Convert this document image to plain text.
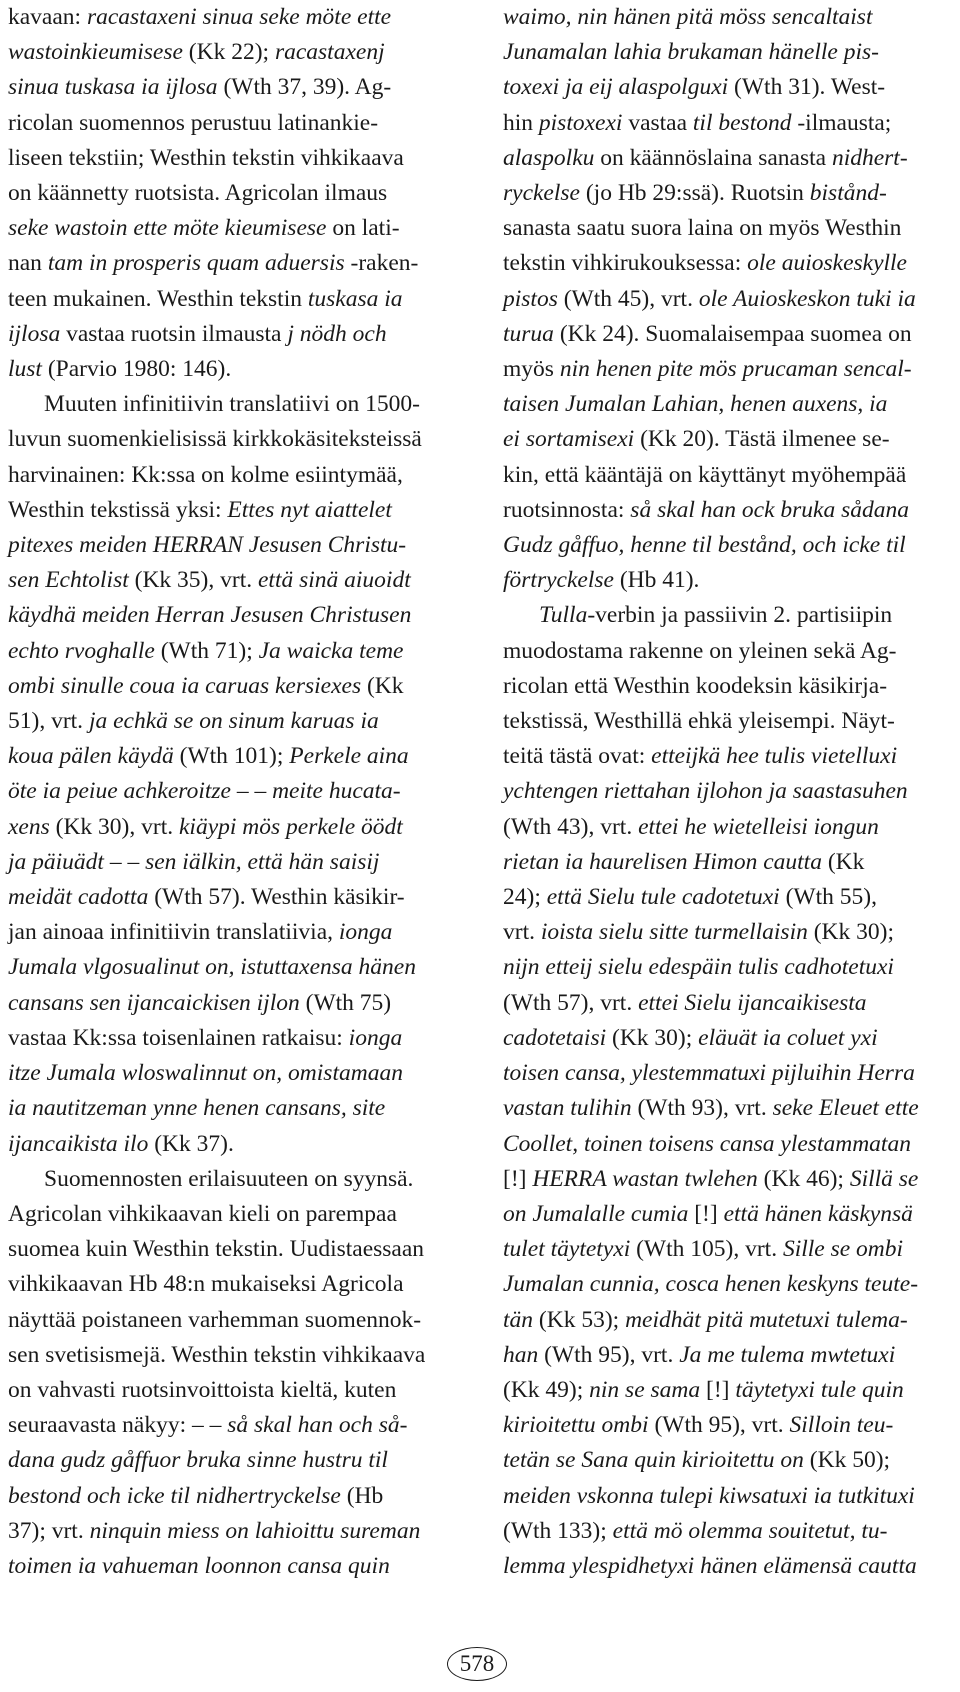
kavaan: racastaxeni sinua seke möte ette
wastoinkieumisese (Kk 22); racastaxenj
sinua tuskasa ia ijlosa (Wth 37, 39). Ag-
ricolan suomennos perustuu latinankie-
liseen tekstiin; Westhin tekstin vihkikaava
on käännetty ruotsista. Agricolan ilmaus
seke wastoin ette möte kieumisese on lati-
nan tam in prosperis quam aduersis -raken-
teen mukainen. Westhin tekstin tuskasa ia
ijlosa vastaa ruotsin ilmausta j nödh och
lust (Parvio 1980: 146).
Muuten infinitiivin translatiivi on 1500-
luvun suomenkielisissä kirkkokäsiteksteissä
harvinainen: Kk:ssa on kolme esiintymää,
Westhin tekstissä yksi: Ettes nyt aiattelet
pitexes meiden HERRAN Jesusen Christu-
sen Echtolist (Kk 35), vrt. että sinä aiuoidt
käydhä meiden Herran Jesusen Christusen
echto rvoghalle (Wth 71); Ja waicka teme
ombi sinulle coua ia caruas kersiexes (Kk
51), vrt. ja echkä se on sinum karuas ia
koua pälen käydä (Wth 101); Perkele aina
öte ia peiue achkeroitze – – meite hucata-
xens (Kk 30), vrt. kiäypi mös perkele öödt
ja päiuädt – – sen iälkin, että hän saisij
meidät cadotta (Wth 57). Westhin käsikir-
jan ainoaa infinitiivin translatiivia, ionga
Jumala vlgosualinut on, istuttaxensa hänen
cansans sen ijancaickisen ijlon (Wth 75)
vastaa Kk:ssa toisenlainen ratkaisu: ionga
itze Jumala wloswalinnut on, omistamaan
ia nautitzeman ynne henen cansans, site
ijancaikista ilo (Kk 37).
Suomennosten erilaisuuteen on syynsä.
Agricolan vihkikaavan kieli on parempaa
suomea kuin Westhin tekstin. Uudistaessaan
vihkikaavan Hb 48:n mukaiseksi Agricola
näyttää poistaneen varhemman suomennok-
sen svetisismejä. Westhin tekstin vihkikaava
on vahvasti ruotsinvoittoista kieltä, kuten
seuraavasta näkyy: – – så skal han och så-
dana gudz gåffuor bruka sinne hustru til
bestond och icke til nidhertryckelse (Hb
37); vrt. ninquin miess on lahioittu sureman
toimen ia vahueman loonnon cansa quin
waimo, nin hänen pitä möss sencaltaist
Junamalan lahia brukaman hänelle pis-
toxexi ja eij alaspolguxi (Wth 31). West-
hin pistoxexi vastaa til bestond -ilmausta;
alaspolku on käännöslaina sanasta nidhert-
ryckelse (jo Hb 29:ssä). Ruotsin bistånd-
sanasta saatu suora laina on myös Westhin
tekstin vihkirukouksessa: ole auioskeskylle
pistos (Wth 45), vrt. ole Auioskeskon tuki ia
turua (Kk 24). Suomalaisempaa suomea on
myös nin henen pite mös prucaman sencal-
taisen Jumalan Lahian, henen auxens, ia
ei sortamisexi (Kk 20). Tästä ilmenee se-
kin, että kääntäjä on käyttänyt myöhempää
ruotsinnosta: så skal han ock bruka sådana
Gudz gåffuo, henne til bestånd, och icke til
förtryckelse (Hb 41).
Tulla-verbin ja passiivin 2. partisiipin
muodostama rakenne on yleinen sekä Ag-
ricolan että Westhin koodeksin käsikirja-
tekstissä, Westhillä ehkä yleisempi. Näyt-
teitä tästä ovat: etteijkä hee tulis vietelluxi
ychtengen riettahan ijlohon ja saastasuhen
(Wth 43), vrt. ettei he wietelleisi iongun
rietan ia haurelisen Himon cautta (Kk
24); että Sielu tule cadotetuxi (Wth 55),
vrt. ioista sielu sitte turmellaisin (Kk 30);
nijn etteij sielu edespäin tulis cadhotetuxi
(Wth 57), vrt. ettei Sielu ijancaikisesta
cadotetaisi (Kk 30); eläuät ia coluet yxi
toisen cansa, ylestemmatuxi pijluihin Herra
vastan tulihin (Wth 93), vrt. seke Eleuet ette
Coollet, toinen toisens cansa ylestammatan
[!] HERRA wastan twlehen (Kk 46); Sillä se
on Jumalalle cumia [!] että hänen käskynsä
tulet täytetyxi (Wth 105), vrt. Sille se ombi
Jumalan cunnia, cosca henen keskyns teute-
tän (Kk 53); meidhät pitä mutetuxi tulema-
han (Wth 95), vrt. Ja me tulema mwtetuxi
(Kk 49); nin se sama [!] täytetyxi tule quin
kirioitettu ombi (Wth 95), vrt. Silloin teu-
tetän se Sana quin kirioitettu on (Kk 50);
meiden vskonna tulepi kiwsatuxi ia tutkituxi
(Wth 133); että mö olemma souitetut, tu-
lemma ylespidhetyxi hänen elämensä cautta
578
